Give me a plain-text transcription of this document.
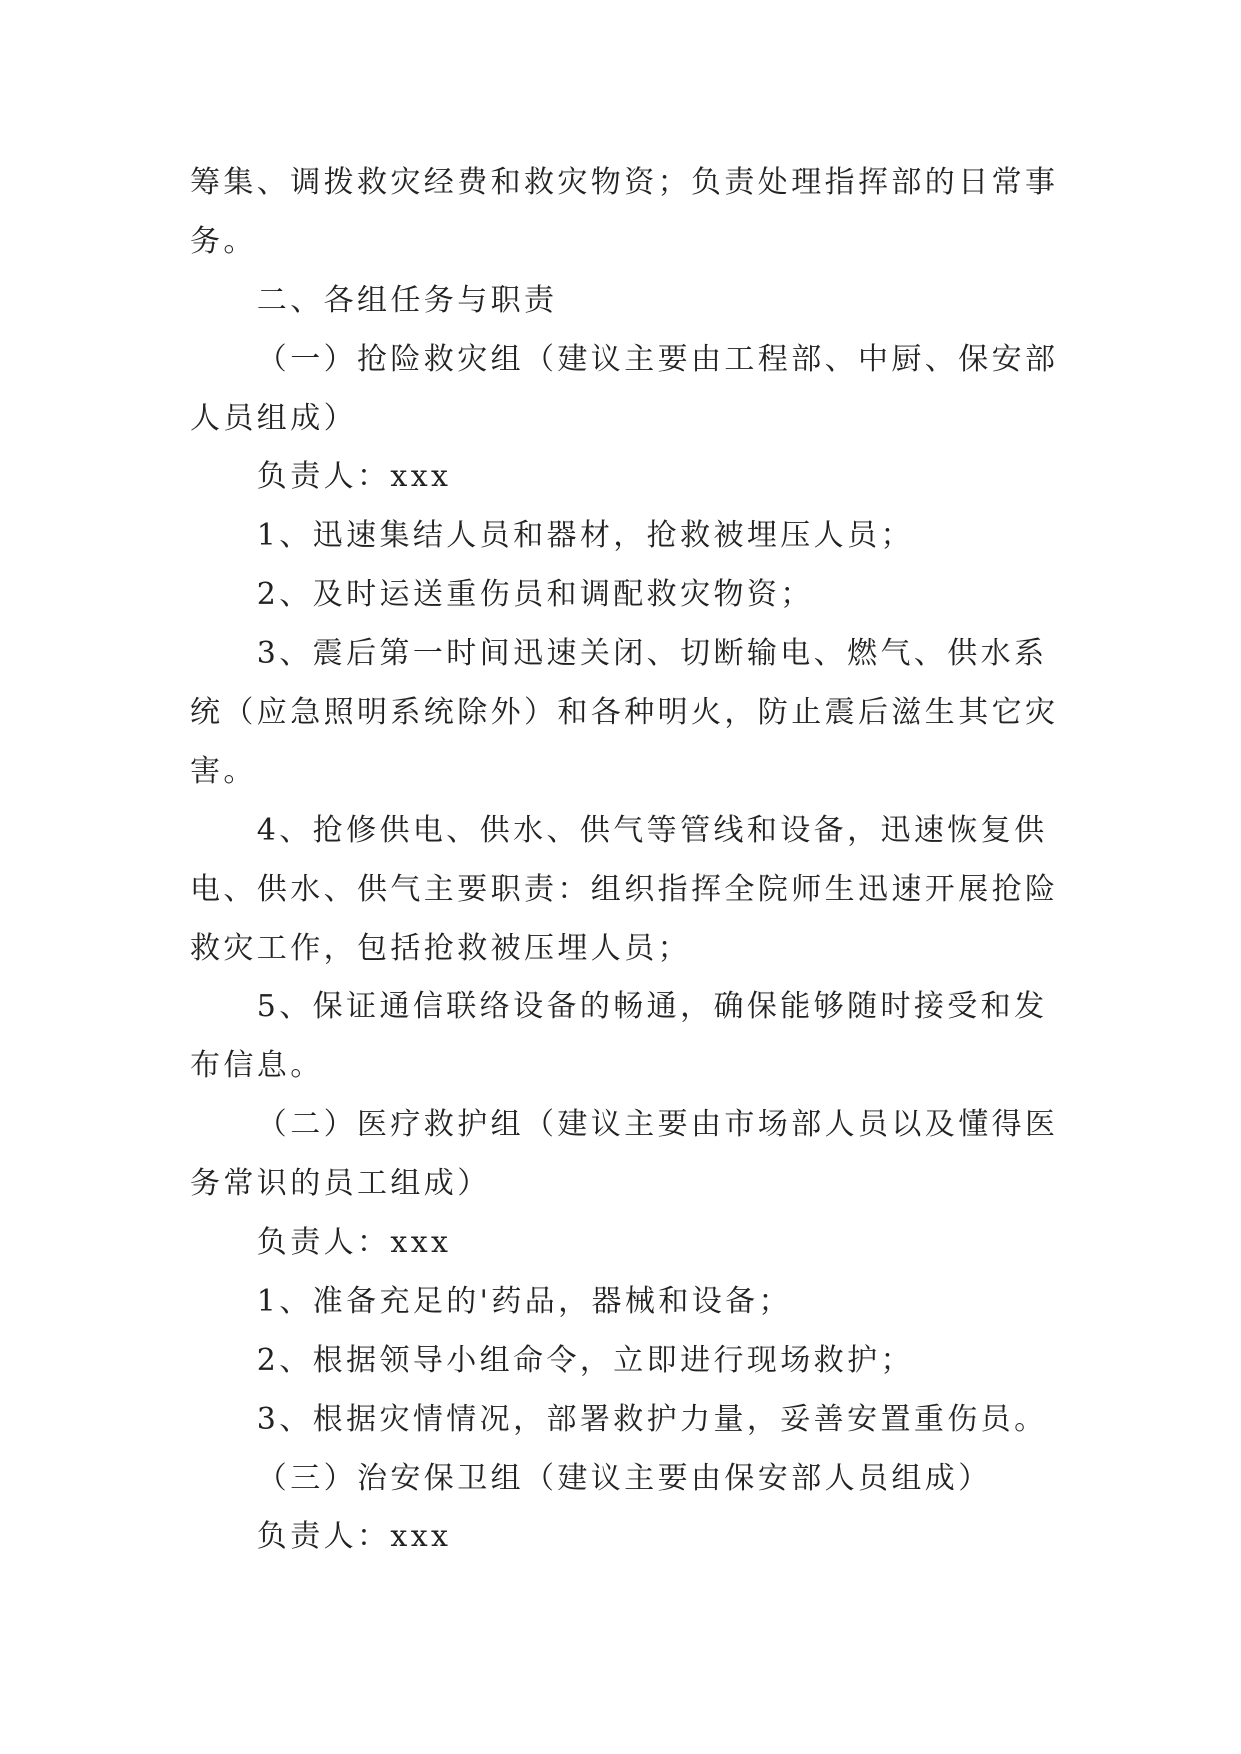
筹集、调拨救灾经费和救灾物资；负责处理指挥部的日常事
务。
二、各组任务与职责
（一）抢险救灾组（建议主要由工程部、中厨、保安部
人员组成）
负责人：xxx
1、迅速集结人员和器材，抢救被埋压人员；
2、及时运送重伤员和调配救灾物资；
3、震后第一时间迅速关闭、切断输电、燃气、供水系
统（应急照明系统除外）和各种明火，防止震后滋生其它灾
害。
4、抢修供电、供水、供气等管线和设备，迅速恢复供
电、供水、供气主要职责：组织指挥全院师生迅速开展抢险
救灾工作，包括抢救被压埋人员；
5、保证通信联络设备的畅通，确保能够随时接受和发
布信息。
（二）医疗救护组（建议主要由市场部人员以及懂得医
务常识的员工组成）
负责人：xxx
1、准备充足的'药品，器械和设备；
2、根据领导小组命令，立即进行现场救护；
3、根据灾情情况，部署救护力量，妥善安置重伤员。
（三）治安保卫组（建议主要由保安部人员组成）
负责人：xxx
